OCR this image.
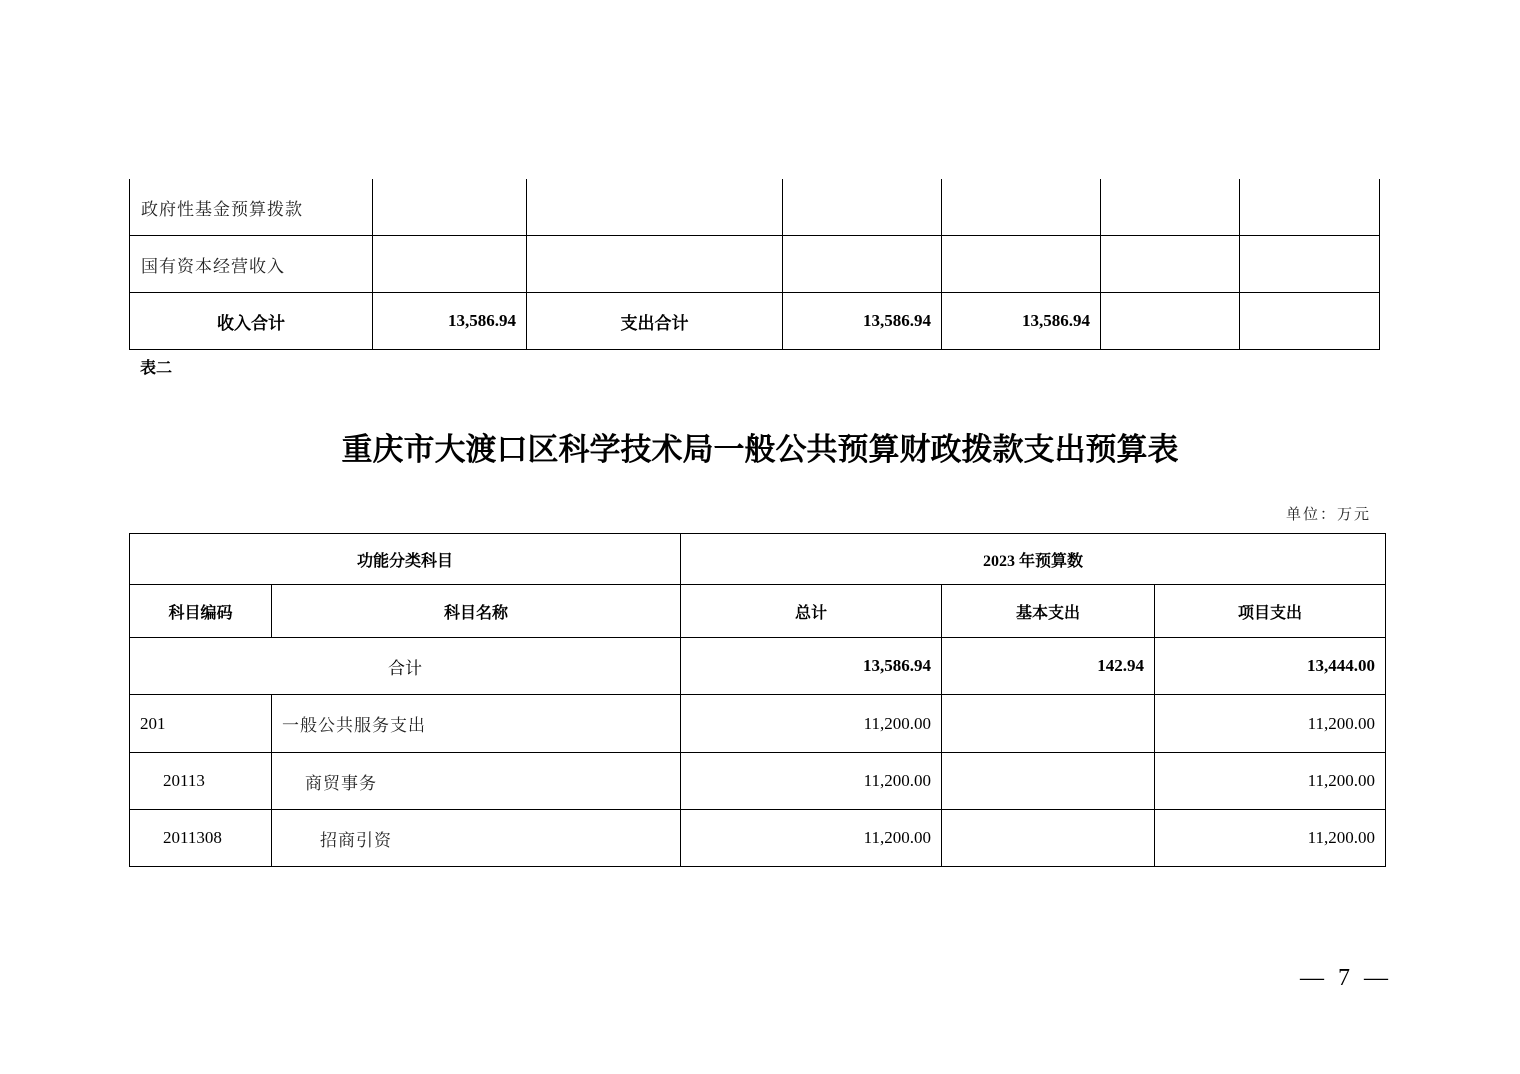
政府性基金预算拨款						
国有资本经营收入						
收入合计	13,586.94	支出合计	13,586.94	13,586.94		
表二
重庆市大渡口区科学技术局一般公共预算财政拨款支出预算表
单位：万元
功能分类科目		2023 年预算数		
科目编码	科目名称	总计	基本支出	项目支出
合计		13,586.94	142.94	13,444.00
201	一般公共服务支出	11,200.00		11,200.00
20113	商贸事务	11,200.00		11,200.00
2011308	招商引资	11,200.00		11,200.00
— 7 —
